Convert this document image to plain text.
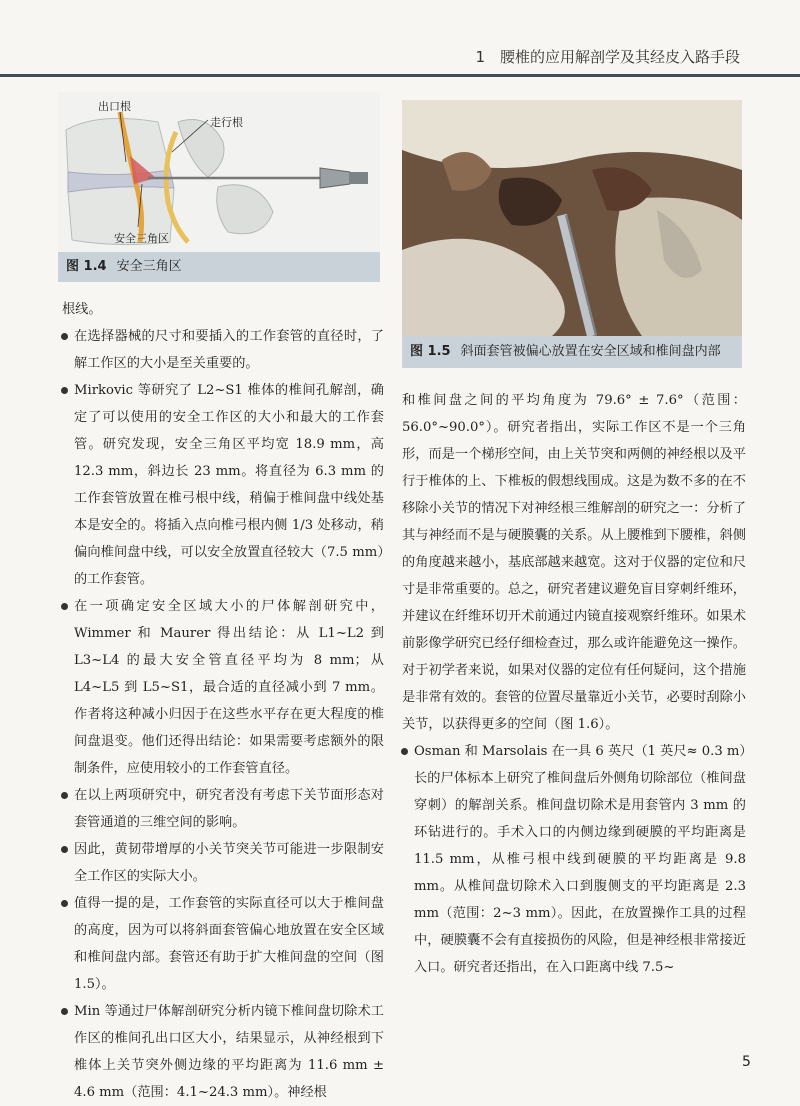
1　腰椎的应用解剖学及其经皮入路手段
出口根
走行根
安全三角区
图 1.4 安全三角区
图 1.5 斜面套管被偏心放置在安全区域和椎间盘内部

根线。

在选择器械的尺寸和要插入的工作套管的直径时，了解工作区的大小是至关重要的。

Mirkovic 等研究了 L2~S1 椎体的椎间孔解剖，确定了可以使用的安全工作区的大小和最大的工作套管。研究发现，安全三角区平均宽 18.9 mm，高 12.3 mm，斜边长 23 mm。将直径为 6.3 mm 的工作套管放置在椎弓根中线，稍偏于椎间盘中线处基本是安全的。将插入点向椎弓根内侧 1/3 处移动，稍偏向椎间盘中线，可以安全放置直径较大（7.5 mm）的工作套管。

在一项确定安全区域大小的尸体解剖研究中，Wimmer 和 Maurer 得出结论：从 L1~L2 到 L3~L4 的最大安全管直径平均为 8 mm；从 L4~L5 到 L5~S1，最合适的直径减小到 7 mm。作者将这种减小归因于在这些水平存在更大程度的椎间盘退变。他们还得出结论：如果需要考虑额外的限制条件，应使用较小的工作套管直径。

在以上两项研究中，研究者没有考虑下关节面形态对套管通道的三维空间的影响。

因此，黄韧带增厚的小关节突关节可能进一步限制安全工作区的实际大小。

值得一提的是，工作套管的实际直径可以大于椎间盘的高度，因为可以将斜面套管偏心地放置在安全区域和椎间盘内部。套管还有助于扩大椎间盘的空间（图 1.5）。

Min 等通过尸体解剖研究分析内镜下椎间盘切除术工作区的椎间孔出口区大小，结果显示，从神经根到下椎体上关节突外侧边缘的平均距离为 11.6 mm ± 4.6 mm（范围：4.1~24.3 mm）。神经根

和椎间盘之间的平均角度为 79.6° ± 7.6°（范围：56.0°~90.0°）。研究者指出，实际工作区不是一个三角形，而是一个梯形空间，由上关节突和两侧的神经根以及平行于椎体的上、下椎板的假想线围成。这是为数不多的在不移除小关节的情况下对神经根三维解剖的研究之一：分析了其与神经而不是与硬膜囊的关系。从上腰椎到下腰椎，斜侧的角度越来越小，基底部越来越宽。这对于仪器的定位和尺寸是非常重要的。总之，研究者建议避免盲目穿刺纤维环，并建议在纤维环切开术前通过内镜直接观察纤维环。如果术前影像学研究已经仔细检查过，那么或许能避免这一操作。对于初学者来说，如果对仪器的定位有任何疑问，这个措施是非常有效的。套管的位置尽量靠近小关节，必要时刮除小关节，以获得更多的空间（图 1.6）。

Osman 和 Marsolais 在一具 6 英尺（1 英尺≈ 0.3 m）长的尸体标本上研究了椎间盘后外侧角切除部位（椎间盘穿刺）的解剖关系。椎间盘切除术是用套管内 3 mm 的环钻进行的。手术入口的内侧边缘到硬膜的平均距离是 11.5 mm，从椎弓根中线到硬膜的平均距离是 9.8 mm。从椎间盘切除术入口到腹侧支的平均距离是 2.3 mm（范围：2~3 mm）。因此，在放置操作工具的过程中，硬膜囊不会有直接损伤的风险，但是神经根非常接近入口。研究者还指出，在入口距离中线 7.5~

5
